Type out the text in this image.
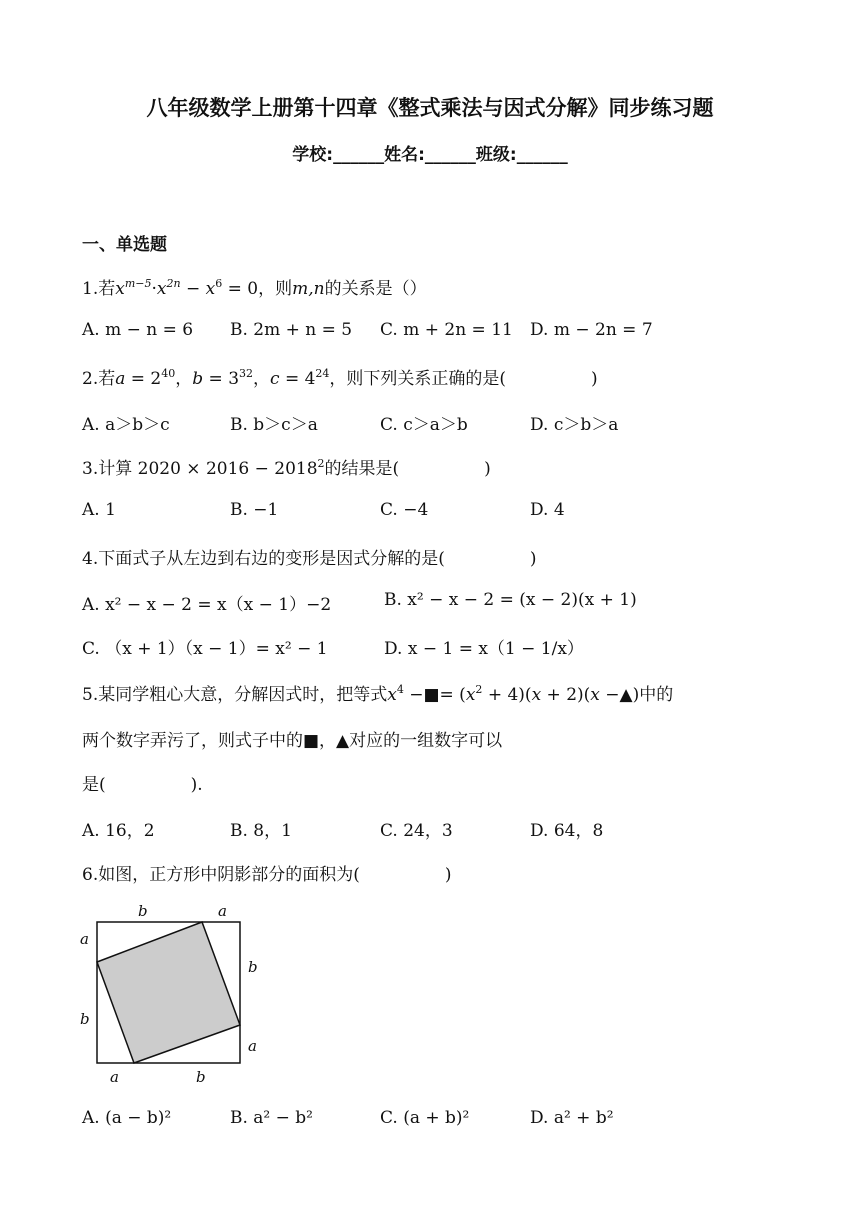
八年级数学上册第十四章《整式乘法与因式分解》同步练习题
学校:______姓名:______班级:______
一、单选题
1.若$x^{m-5}\cdot x^{2n} - x^6 = 0$，则m,n的关系是（）
A. m − n = 6 B. 2m + n = 5 C. m + 2n = 11 D. m − 2n = 7
2.若$a = 2^{40}$，$b = 3^{32}$，$c = 4^{24}$，则下列关系正确的是(　　　　　)
A. a＞b＞c	B. b＞c＞a	C. c＞a＞b	D. c＞b＞a
3.计算 $2020 \times 2016 - 2018^2$的结果是(　　　　　)
A. 1	B. −1	C. −4	D. 4
4.下面式子从左边到右边的变形是因式分解的是(　　　　　)
A. x² − x − 2 = x（x − 1）−2	B. x² − x − 2 = (x − 2)(x + 1)
C. （x + 1）（x − 1）= x² − 1	D. x − 1 = x（1 − 1/x）
5.某同学粗心大意，分解因式时，把等式$x^4$ −■= $(x^2 + 4)(x + 2)(x$ −▲)中的
两个数字弄污了，则式子中的■，▲对应的一组数字可以
是(　　　　　).
A. 16，2	B. 8，1	C. 24，3	D. 64，8
6.如图，正方形中阴影部分的面积为(　　　　　)
b	a
a
b
b
a
a	b
A. (a − b)²	B. a² − b²	C. (a + b)²	D. a² + b²
